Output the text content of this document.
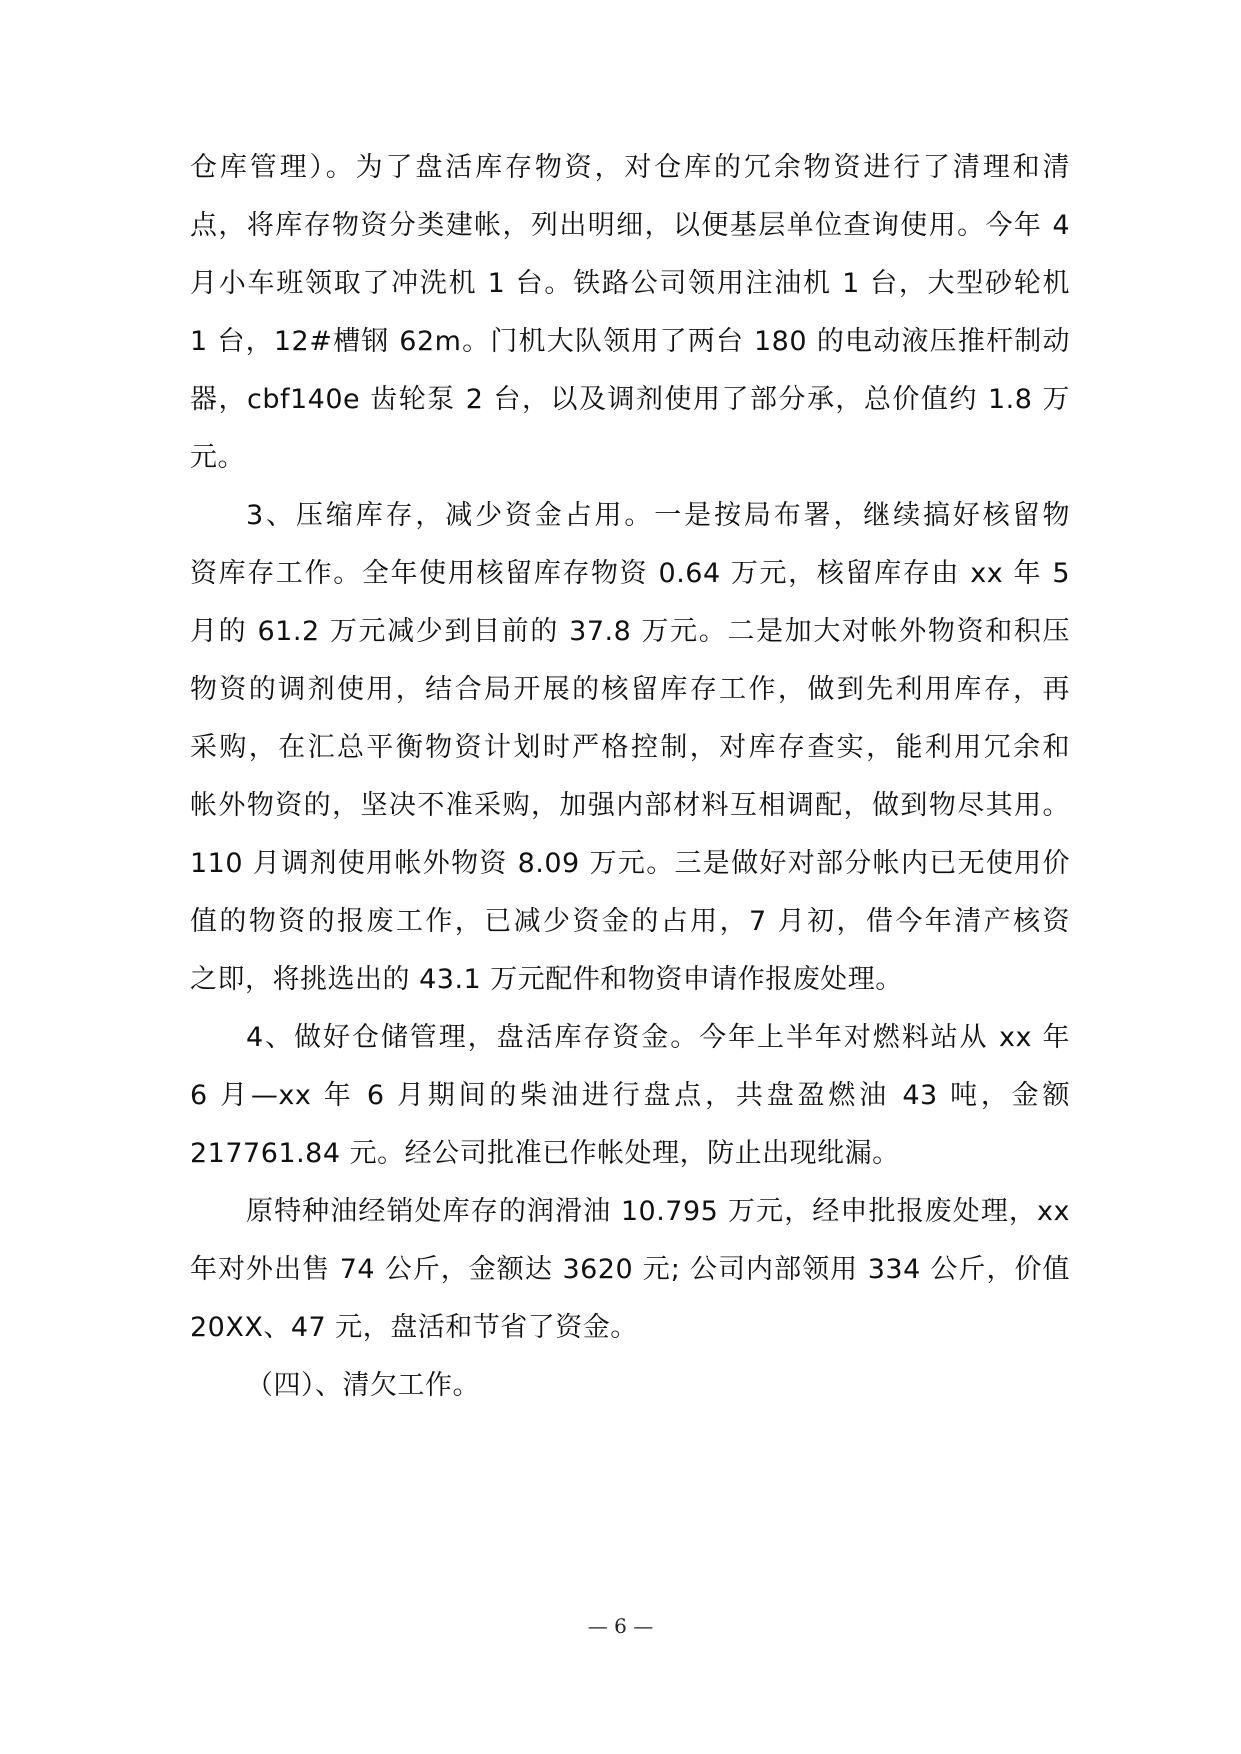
仓库管理）。为了盘活库存物资，对仓库的冗余物资进行了清理和清
点，将库存物资分类建帐，列出明细，以便基层单位查询使用。今年 4
月小车班领取了冲洗机 1 台。铁路公司领用注油机 1 台，大型砂轮机
1 台，12#槽钢 62m。门机大队领用了两台 180 的电动液压推杆制动
器，cbf140e 齿轮泵 2 台，以及调剂使用了部分承，总价值约 1.8 万
元。
3、压缩库存，减少资金占用。一是按局布署，继续搞好核留物
资库存工作。全年使用核留库存物资 0.64 万元，核留库存由 xx 年 5
月的 61.2 万元减少到目前的 37.8 万元。二是加大对帐外物资和积压
物资的调剂使用，结合局开展的核留库存工作，做到先利用库存，再
采购，在汇总平衡物资计划时严格控制，对库存查实，能利用冗余和
帐外物资的，坚决不准采购，加强内部材料互相调配，做到物尽其用。
110 月调剂使用帐外物资 8.09 万元。三是做好对部分帐内已无使用价
值的物资的报废工作，已减少资金的占用，7 月初，借今年清产核资
之即，将挑选出的 43.1 万元配件和物资申请作报废处理。
4、做好仓储管理，盘活库存资金。今年上半年对燃料站从 xx 年
6 月—xx 年 6 月期间的柴油进行盘点，共盘盈燃油 43 吨，金额
217761.84 元。经公司批准已作帐处理，防止出现纰漏。
原特种油经销处库存的润滑油 10.795 万元，经申批报废处理，xx
年对外出售 74 公斤，金额达 3620 元; 公司内部领用 334 公斤，价值
20XX、47 元，盘活和节省了资金。
（四）、清欠工作。
— 6 —
